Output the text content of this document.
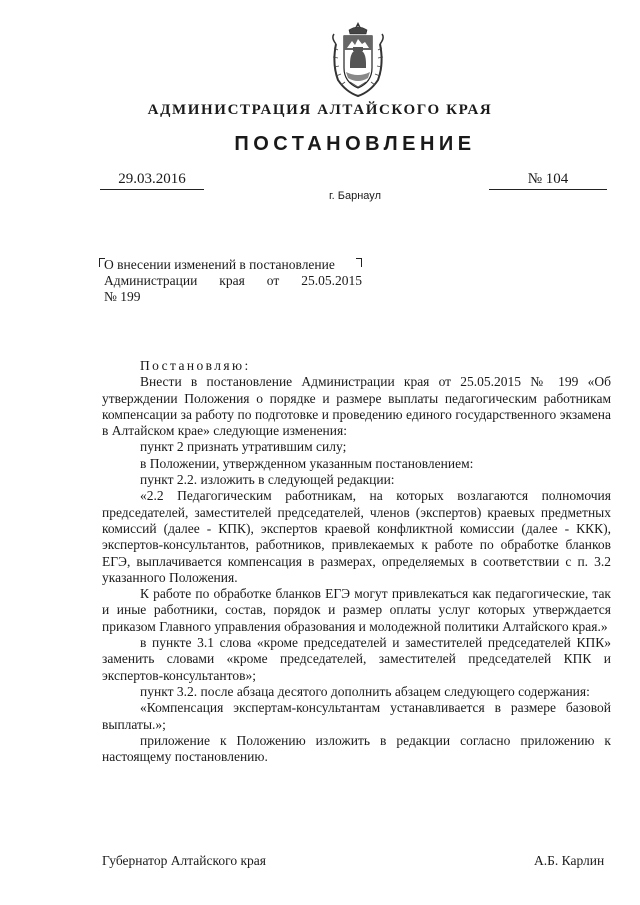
АДМИНИСТРАЦИЯ АЛТАЙСКОГО КРАЯ
ПОСТАНОВЛЕНИЕ
29.03.2016	№ 104
г. Барнаул
О внесении изменений в постановление
Администрации края от 25.05.2015
№ 199

Постановляю:

Внести в постановление Администрации края от 25.05.2015 № 199 «Об утверждении Положения о порядке и размере выплаты педагогическим работникам компенсации за работу по подготовке и проведению единого государственного экзамена в Алтайском крае» следующие изменения:

пункт 2 признать утратившим силу;

в Положении, утвержденном указанным постановлением:

пункт 2.2. изложить в следующей редакции:

«2.2 Педагогическим работникам, на которых возлагаются полномочия председателей, заместителей председателей, членов (экспертов) краевых предметных комиссий (далее - КПК), экспертов краевой конфликтной комиссии (далее - ККК), экспертов-консультантов, работников, привлекаемых к работе по обработке бланков ЕГЭ, выплачивается компенсация в размерах, определяемых в соответствии с п. 3.2 указанного Положения.

К работе по обработке бланков ЕГЭ могут привлекаться как педагогические, так и иные работники, состав, порядок и размер оплаты услуг которых утверждается приказом Главного управления образования и молодежной политики Алтайского края.»

в пункте 3.1 слова «кроме председателей и заместителей председателей КПК» заменить словами «кроме председателей, заместителей председателей КПК и экспертов-консультантов»;

пункт 3.2. после абзаца десятого дополнить абзацем следующего содержания:

«Компенсация экспертам-консультантам устанавливается в размере базовой выплаты.»;

приложение к Положению изложить в редакции согласно приложению к настоящему постановлению.

Губернатор Алтайского края	А.Б. Карлин
